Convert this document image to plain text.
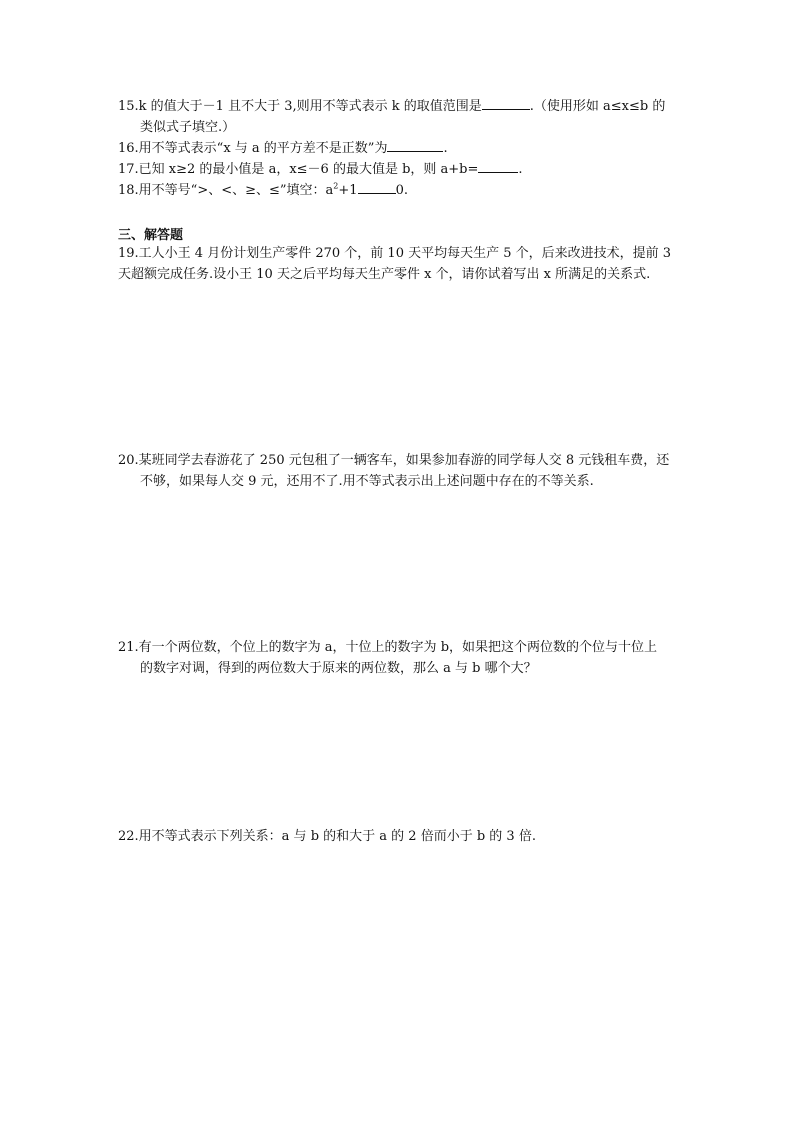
15.k 的值大于－1 且不大于 3,则用不等式表示 k 的取值范围是	.（使用形如 a≤x≤b 的
类似式子填空.）
16.用不等式表示“x 与 a 的平方差不是正数”为	.
17.已知 x≥2 的最小值是 a，x≤－6 的最大值是 b，则 a+b=	.
18.用不等号“>、<、≥、≤”填空：$a^2+1$	0.
三、解答题
19.工人小王 4 月份计划生产零件 270 个，前 10 天平均每天生产 5 个，后来改进技术，提前 3
天超额完成任务.设小王 10 天之后平均每天生产零件 x 个，请你试着写出 x 所满足的关系式.
20.某班同学去春游花了 250 元包租了一辆客车，如果参加春游的同学每人交 8 元钱租车费，还
不够，如果每人交 9 元，还用不了.用不等式表示出上述问题中存在的不等关系.
21.有一个两位数，个位上的数字为 a，十位上的数字为 b，如果把这个两位数的个位与十位上
的数字对调，得到的两位数大于原来的两位数，那么 a 与 b 哪个大？
22.用不等式表示下列关系：a 与 b 的和大于 a 的 2 倍而小于 b 的 3 倍.
